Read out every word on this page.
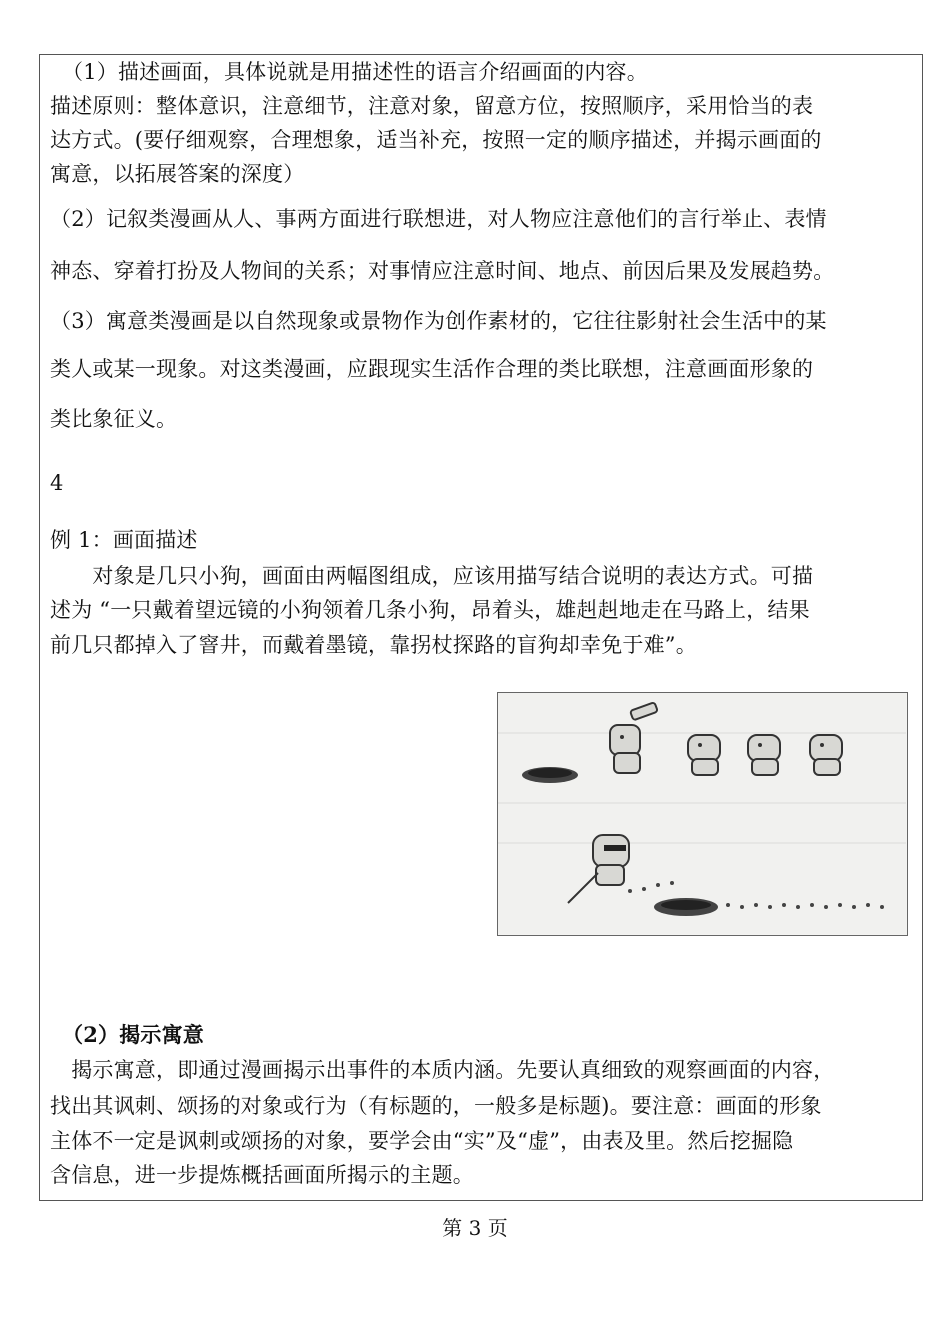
（1）描述画面，具体说就是用描述性的语言介绍画面的内容。
描述原则：整体意识，注意细节，注意对象，留意方位，按照顺序，采用恰当的表
达方式。(要仔细观察，合理想象，适当补充，按照一定的顺序描述，并揭示画面的
寓意，以拓展答案的深度）
（2）记叙类漫画从人、事两方面进行联想进，对人物应注意他们的言行举止、表情
神态、穿着打扮及人物间的关系；对事情应注意时间、地点、前因后果及发展趋势。
（3）寓意类漫画是以自然现象或景物作为创作素材的，它往往影射社会生活中的某
类人或某一现象。对这类漫画，应跟现实生活作合理的类比联想，注意画面形象的
类比象征义。
4
例 1：画面描述
　　对象是几只小狗，画面由两幅图组成，应该用描写结合说明的表达方式。可描
述为 “一只戴着望远镜的小狗领着几条小狗，昂着头，雄赳赳地走在马路上，结果
前几只都掉入了窨井，而戴着墨镜，靠拐杖探路的盲狗却幸免于难”。
（2）揭示寓意
　揭示寓意，即通过漫画揭示出事件的本质内涵。先要认真细致的观察画面的内容，
找出其讽刺、颂扬的对象或行为（有标题的，一般多是标题)。要注意：画面的形象
主体不一定是讽刺或颂扬的对象，要学会由“实”及“虚”，由表及里。然后挖掘隐
含信息，进一步提炼概括画面所揭示的主题。
第 3 页
